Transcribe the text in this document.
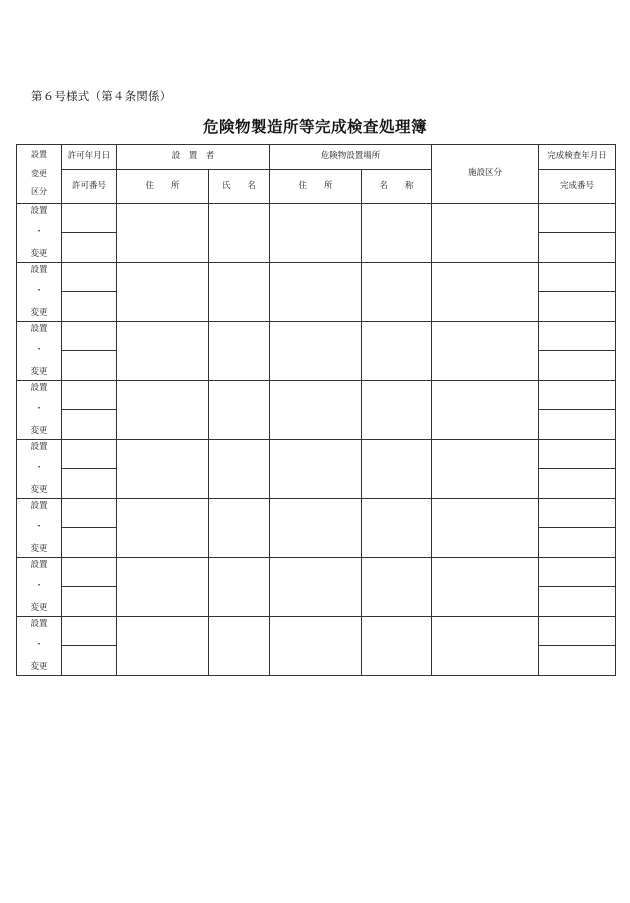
第６号様式（第４条関係）
危険物製造所等完成検査処理簿
設置
変更
区分	許可年月日	設　置　者		危険物設置場所		施設区分	完成検査年月日
	許可番号	住　　所	氏　　名	住　　所	名　　称		完成番号

設置
・
変更							

設置
・
変更							

設置
・
変更							

設置
・
変更							

設置
・
変更							

設置
・
変更							

設置
・
変更							

設置
・
変更							
